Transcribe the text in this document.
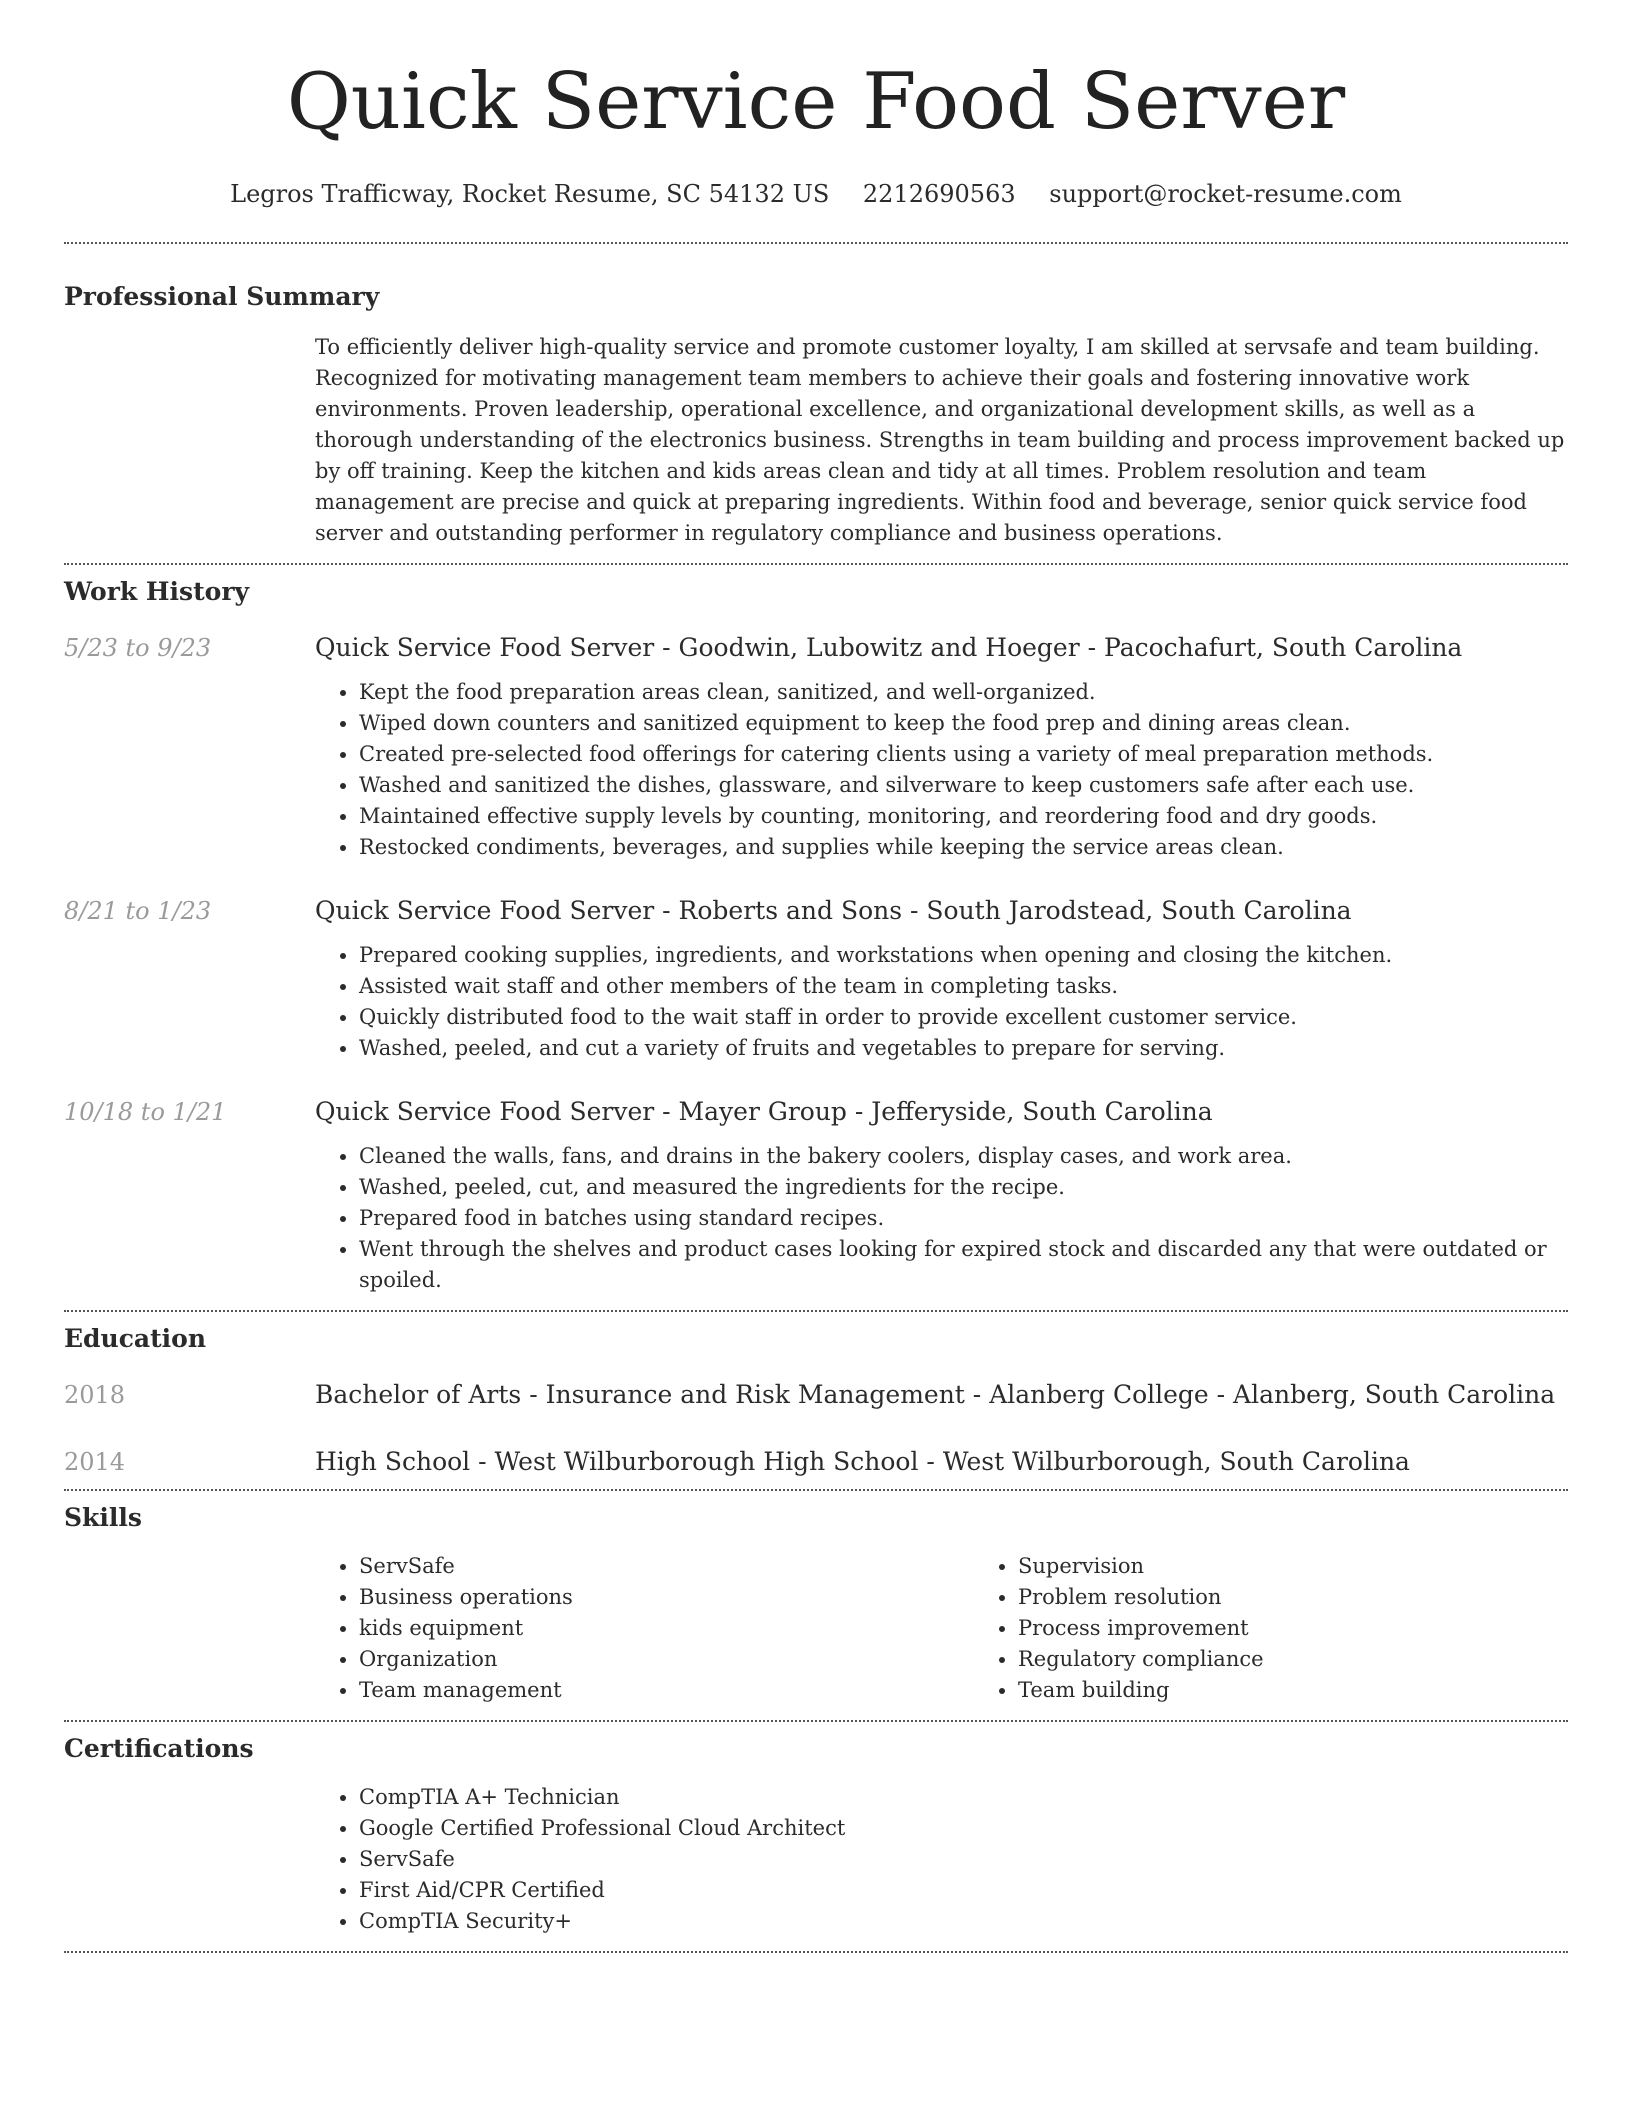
Quick Service Food Server
Legros Trafficway, Rocket Resume, SC 54132 US 2212690563 support@rocket-resume.com
Professional Summary

To efficiently deliver high-quality service and promote customer loyalty, I am skilled at servsafe and team building. Recognized for motivating management team members to achieve their goals and fostering innovative work environments. Proven leadership, operational excellence, and organizational development skills, as well as a thorough understanding of the electronics business. Strengths in team building and process improvement backed up by off training. Keep the kitchen and kids areas clean and tidy at all times. Problem resolution and team management are precise and quick at preparing ingredients. Within food and beverage, senior quick service food server and outstanding performer in regulatory compliance and business operations.

Work History
5/23 to 9/23	Quick Service Food Server - Goodwin, Lubowitz and Hoeger - Pacochafurt, South Carolina
• Kept the food preparation areas clean, sanitized, and well-organized.
• Wiped down counters and sanitized equipment to keep the food prep and dining areas clean.
• Created pre-selected food offerings for catering clients using a variety of meal preparation methods.
• Washed and sanitized the dishes, glassware, and silverware to keep customers safe after each use.
• Maintained effective supply levels by counting, monitoring, and reordering food and dry goods.
• Restocked condiments, beverages, and supplies while keeping the service areas clean.
8/21 to 1/23	Quick Service Food Server - Roberts and Sons - South Jarodstead, South Carolina
• Prepared cooking supplies, ingredients, and workstations when opening and closing the kitchen.
• Assisted wait staff and other members of the team in completing tasks.
• Quickly distributed food to the wait staff in order to provide excellent customer service.
• Washed, peeled, and cut a variety of fruits and vegetables to prepare for serving.
10/18 to 1/21	Quick Service Food Server - Mayer Group - Jefferyside, South Carolina
• Cleaned the walls, fans, and drains in the bakery coolers, display cases, and work area.
• Washed, peeled, cut, and measured the ingredients for the recipe.
• Prepared food in batches using standard recipes.
• Went through the shelves and product cases looking for expired stock and discarded any that were outdated or spoiled.
Education
2018	Bachelor of Arts - Insurance and Risk Management - Alanberg College - Alanberg, South Carolina
2014	High School - West Wilburborough High School - West Wilburborough, South Carolina
Skills
• ServSafe
• Business operations
• kids equipment
• Organization
• Team management
• Supervision
• Problem resolution
• Process improvement
• Regulatory compliance
• Team building
Certifications
• CompTIA A+ Technician
• Google Certified Professional Cloud Architect
• ServSafe
• First Aid/CPR Certified
• CompTIA Security+
